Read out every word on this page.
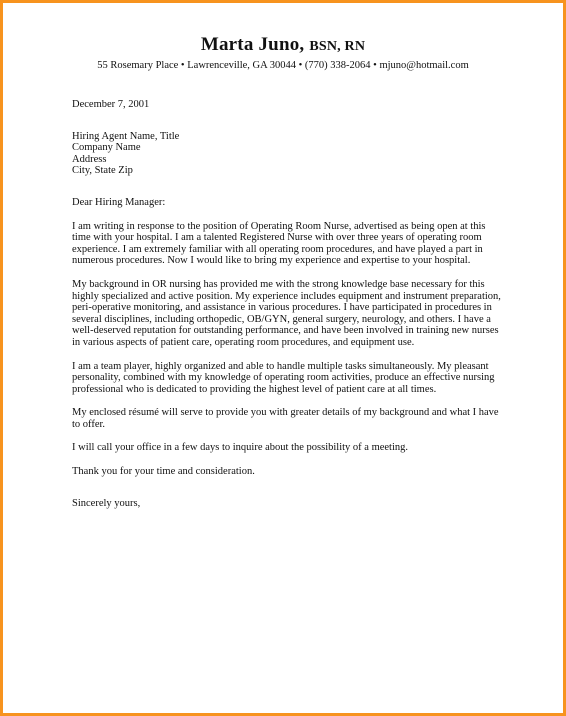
Marta Juno, BSN, RN
55 Rosemary Place • Lawrenceville, GA 30044 • (770) 338-2064 • mjuno@hotmail.com
December 7, 2001
Hiring Agent Name, Title
Company Name
Address
City, State Zip
Dear Hiring Manager:

I am writing in response to the position of Operating Room Nurse, advertised as being open at this time with your hospital. I am a talented Registered Nurse with over three years of operating room experience. I am extremely familiar with all operating room procedures, and have played a part in numerous procedures. Now I would like to bring my experience and expertise to your hospital.

My background in OR nursing has provided me with the strong knowledge base necessary for this highly specialized and active position. My experience includes equipment and instrument preparation, peri-operative monitoring, and assistance in various procedures. I have participated in procedures in several disciplines, including orthopedic, OB/GYN, general surgery, neurology, and others. I have a well-deserved reputation for outstanding performance, and have been involved in training new nurses in various aspects of patient care, operating room procedures, and equipment use.

I am a team player, highly organized and able to handle multiple tasks simultaneously. My pleasant personality, combined with my knowledge of operating room activities, produce an effective nursing professional who is dedicated to providing the highest level of patient care at all times.

My enclosed résumé will serve to provide you with greater details of my background and what I have to offer.

I will call your office in a few days to inquire about the possibility of a meeting.

Thank you for your time and consideration.

Sincerely yours,
